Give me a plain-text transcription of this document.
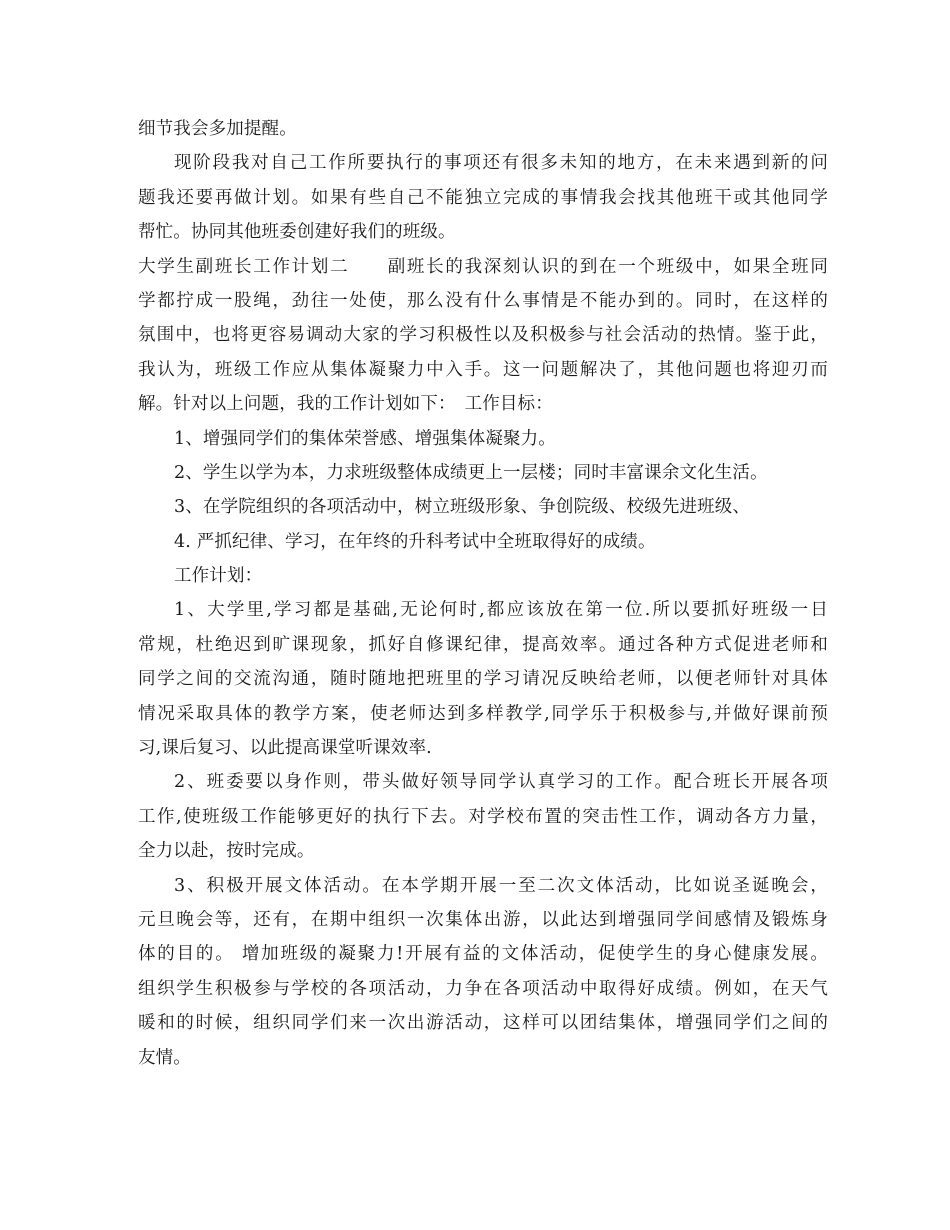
细节我会多加提醒。
现阶段我对自己工作所要执行的事项还有很多未知的地方，在未来遇到新的问
题我还要再做计划。如果有些自己不能独立完成的事情我会找其他班干或其他同学
帮忙。协同其他班委创建好我们的班级。
大学生副班长工作计划二　　副班长的我深刻认识的到在一个班级中，如果全班同
学都拧成一股绳，劲往一处使，那么没有什么事情是不能办到的。同时，在这样的
氛围中，也将更容易调动大家的学习积极性以及积极参与社会活动的热情。鉴于此，
我认为，班级工作应从集体凝聚力中入手。这一问题解决了，其他问题也将迎刃而
解。针对以上问题，我的工作计划如下：　工作目标：
1、增强同学们的集体荣誉感、增强集体凝聚力。
2、学生以学为本，力求班级整体成绩更上一层楼；同时丰富课余文化生活。
3、在学院组织的各项活动中，树立班级形象、争创院级、校级先进班级、
4. 严抓纪律、学习，在年终的升科考试中全班取得好的成绩。
工作计划：
1、大学里,学习都是基础,无论何时,都应该放在第一位.所以要抓好班级一日
常规，杜绝迟到旷课现象，抓好自修课纪律，提高效率。通过各种方式促进老师和
同学之间的交流沟通，随时随地把班里的学习请况反映给老师，以便老师针对具体
情况采取具体的教学方案，使老师达到多样教学,同学乐于积极参与,并做好课前预
习,课后复习、以此提高课堂听课效率.
2、班委要以身作则，带头做好领导同学认真学习的工作。配合班长开展各项
工作,使班级工作能够更好的执行下去。对学校布置的突击性工作，调动各方力量，
全力以赴，按时完成。
3、积极开展文体活动。在本学期开展一至二次文体活动，比如说圣诞晚会，
元旦晚会等，还有，在期中组织一次集体出游，以此达到增强同学间感情及锻炼身
体的目的。 增加班级的凝聚力!开展有益的文体活动，促使学生的身心健康发展。
组织学生积极参与学校的各项活动，力争在各项活动中取得好成绩。例如，在天气
暖和的时候，组织同学们来一次出游活动，这样可以团结集体，增强同学们之间的
友情。
